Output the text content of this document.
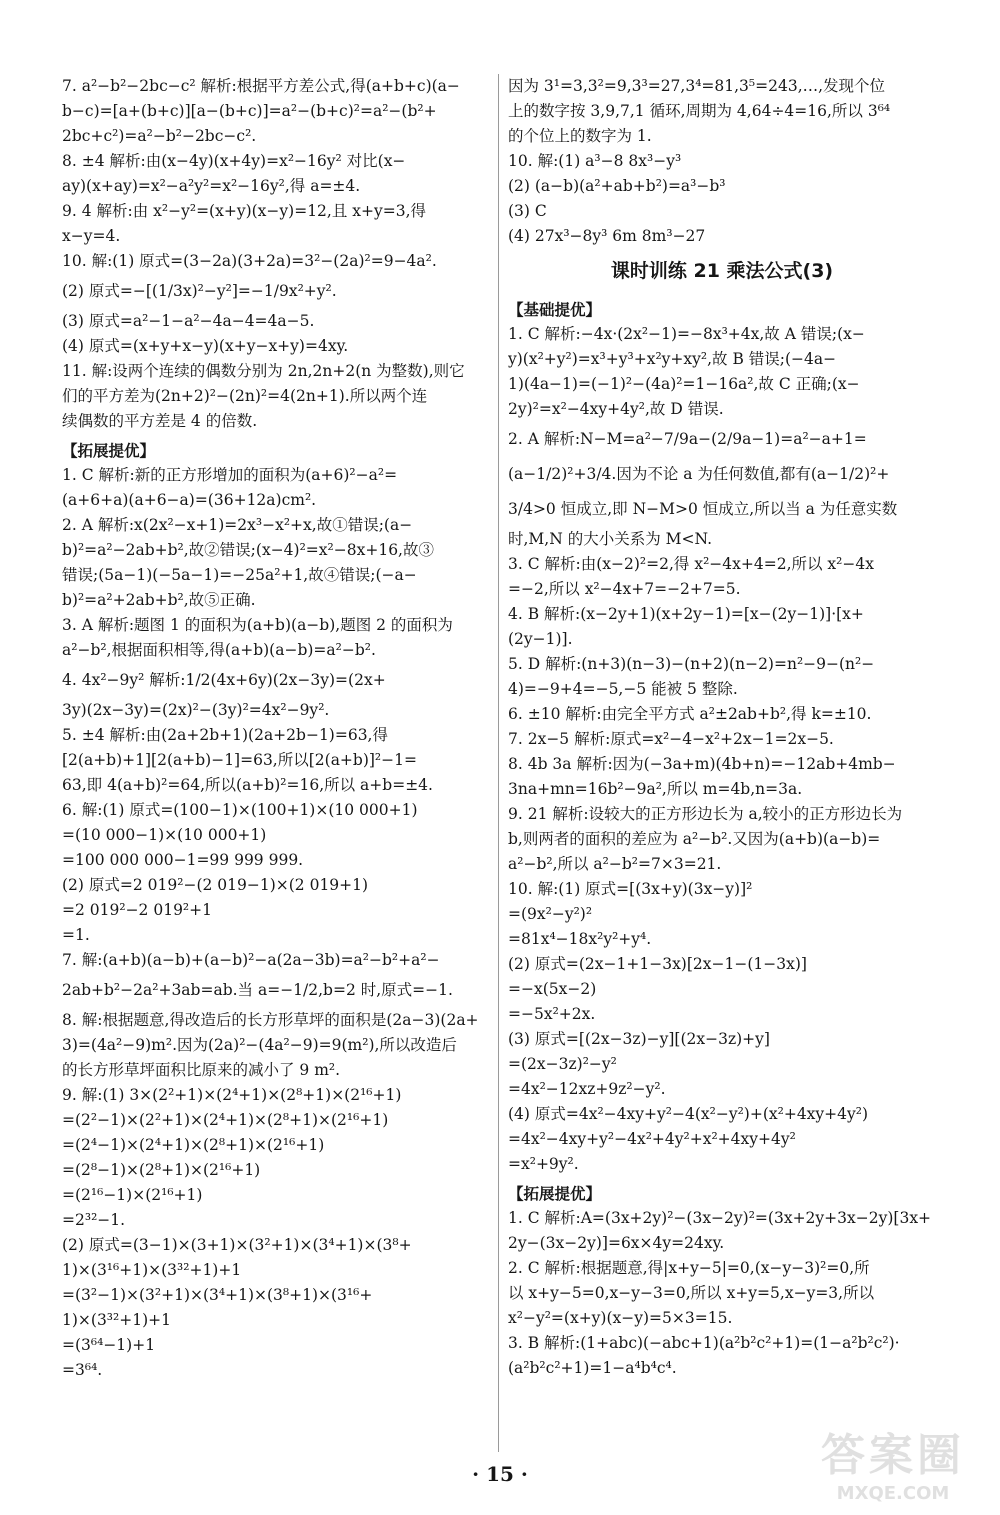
7. a²−b²−2bc−c² 解析:根据平方差公式,得(a+b+c)(a−
b−c)=[a+(b+c)][a−(b+c)]=a²−(b+c)²=a²−(b²+
2bc+c²)=a²−b²−2bc−c².
8. ±4 解析:由(x−4y)(x+4y)=x²−16y² 对比(x−
ay)(x+ay)=x²−a²y²=x²−16y²,得 a=±4.
9. 4 解析:由 x²−y²=(x+y)(x−y)=12,且 x+y=3,得
x−y=4.
10. 解:(1) 原式=(3−2a)(3+2a)=3²−(2a)²=9−4a².
(2) 原式=−[(1/3x)²−y²]=−1/9x²+y².
(3) 原式=a²−1−a²−4a−4=4a−5.
(4) 原式=(x+y+x−y)(x+y−x+y)=4xy.
11. 解:设两个连续的偶数分别为 2n,2n+2(n 为整数),则它
们的平方差为(2n+2)²−(2n)²=4(2n+1).所以两个连
续偶数的平方差是 4 的倍数.
【拓展提优】
1. C 解析:新的正方形增加的面积为(a+6)²−a²=
(a+6+a)(a+6−a)=(36+12a)cm².
2. A 解析:x(2x²−x+1)=2x³−x²+x,故①错误;(a−
b)²=a²−2ab+b²,故②错误;(x−4)²=x²−8x+16,故③
错误;(5a−1)(−5a−1)=−25a²+1,故④错误;(−a−
b)²=a²+2ab+b²,故⑤正确.
3. A 解析:题图 1 的面积为(a+b)(a−b),题图 2 的面积为
a²−b²,根据面积相等,得(a+b)(a−b)=a²−b².
4. 4x²−9y² 解析:1/2(4x+6y)(2x−3y)=(2x+
3y)(2x−3y)=(2x)²−(3y)²=4x²−9y².
5. ±4 解析:由(2a+2b+1)(2a+2b−1)=63,得
[2(a+b)+1][2(a+b)−1]=63,所以[2(a+b)]²−1=
63,即 4(a+b)²=64,所以(a+b)²=16,所以 a+b=±4.
6. 解:(1) 原式=(100−1)×(100+1)×(10 000+1)
=(10 000−1)×(10 000+1)
=100 000 000−1=99 999 999.
(2) 原式=2 019²−(2 019−1)×(2 019+1)
=2 019²−2 019²+1
=1.
7. 解:(a+b)(a−b)+(a−b)²−a(2a−3b)=a²−b²+a²−
2ab+b²−2a²+3ab=ab.当 a=−1/2,b=2 时,原式=−1.
8. 解:根据题意,得改造后的长方形草坪的面积是(2a−3)(2a+
3)=(4a²−9)m².因为(2a)²−(4a²−9)=9(m²),所以改造后
的长方形草坪面积比原来的减小了 9 m².
9. 解:(1) 3×(2²+1)×(2⁴+1)×(2⁸+1)×(2¹⁶+1)
=(2²−1)×(2²+1)×(2⁴+1)×(2⁸+1)×(2¹⁶+1)
=(2⁴−1)×(2⁴+1)×(2⁸+1)×(2¹⁶+1)
=(2⁸−1)×(2⁸+1)×(2¹⁶+1)
=(2¹⁶−1)×(2¹⁶+1)
=2³²−1.
(2) 原式=(3−1)×(3+1)×(3²+1)×(3⁴+1)×(3⁸+
1)×(3¹⁶+1)×(3³²+1)+1
=(3²−1)×(3²+1)×(3⁴+1)×(3⁸+1)×(3¹⁶+
1)×(3³²+1)+1
=(3⁶⁴−1)+1
=3⁶⁴.
因为 3¹=3,3²=9,3³=27,3⁴=81,3⁵=243,…,发现个位
上的数字按 3,9,7,1 循环,周期为 4,64÷4=16,所以 3⁶⁴
的个位上的数字为 1.
10. 解:(1) a³−8 8x³−y³
(2) (a−b)(a²+ab+b²)=a³−b³
(3) C
(4) 27x³−8y³ 6m 8m³−27
课时训练 21 乘法公式(3)
【基础提优】
1. C 解析:−4x·(2x²−1)=−8x³+4x,故 A 错误;(x−
y)(x²+y²)=x³+y³+x²y+xy²,故 B 错误;(−4a−
1)(4a−1)=(−1)²−(4a)²=1−16a²,故 C 正确;(x−
2y)²=x²−4xy+4y²,故 D 错误.
2. A 解析:N−M=a²−7/9a−(2/9a−1)=a²−a+1=
(a−1/2)²+3/4.因为不论 a 为任何数值,都有(a−1/2)²+
3/4>0 恒成立,即 N−M>0 恒成立,所以当 a 为任意实数
时,M,N 的大小关系为 M<N.
3. C 解析:由(x−2)²=2,得 x²−4x+4=2,所以 x²−4x
=−2,所以 x²−4x+7=−2+7=5.
4. B 解析:(x−2y+1)(x+2y−1)=[x−(2y−1)]·[x+
(2y−1)].
5. D 解析:(n+3)(n−3)−(n+2)(n−2)=n²−9−(n²−
4)=−9+4=−5,−5 能被 5 整除.
6. ±10 解析:由完全平方式 a²±2ab+b²,得 k=±10.
7. 2x−5 解析:原式=x²−4−x²+2x−1=2x−5.
8. 4b 3a 解析:因为(−3a+m)(4b+n)=−12ab+4mb−
3na+mn=16b²−9a²,所以 m=4b,n=3a.
9. 21 解析:设较大的正方形边长为 a,较小的正方形边长为
b,则两者的面积的差应为 a²−b².又因为(a+b)(a−b)=
a²−b²,所以 a²−b²=7×3=21.
10. 解:(1) 原式=[(3x+y)(3x−y)]²
=(9x²−y²)²
=81x⁴−18x²y²+y⁴.
(2) 原式=(2x−1+1−3x)[2x−1−(1−3x)]
=−x(5x−2)
=−5x²+2x.
(3) 原式=[(2x−3z)−y][(2x−3z)+y]
=(2x−3z)²−y²
=4x²−12xz+9z²−y².
(4) 原式=4x²−4xy+y²−4(x²−y²)+(x²+4xy+4y²)
=4x²−4xy+y²−4x²+4y²+x²+4xy+4y²
=x²+9y².
【拓展提优】
1. C 解析:A=(3x+2y)²−(3x−2y)²=(3x+2y+3x−2y)[3x+
2y−(3x−2y)]=6x×4y=24xy.
2. C 解析:根据题意,得|x+y−5|=0,(x−y−3)²=0,所
以 x+y−5=0,x−y−3=0,所以 x+y=5,x−y=3,所以
x²−y²=(x+y)(x−y)=5×3=15.
3. B 解析:(1+abc)(−abc+1)(a²b²c²+1)=(1−a²b²c²)·
(a²b²c²+1)=1−a⁴b⁴c⁴.
· 15 ·	答案圈
MXQE.COM
